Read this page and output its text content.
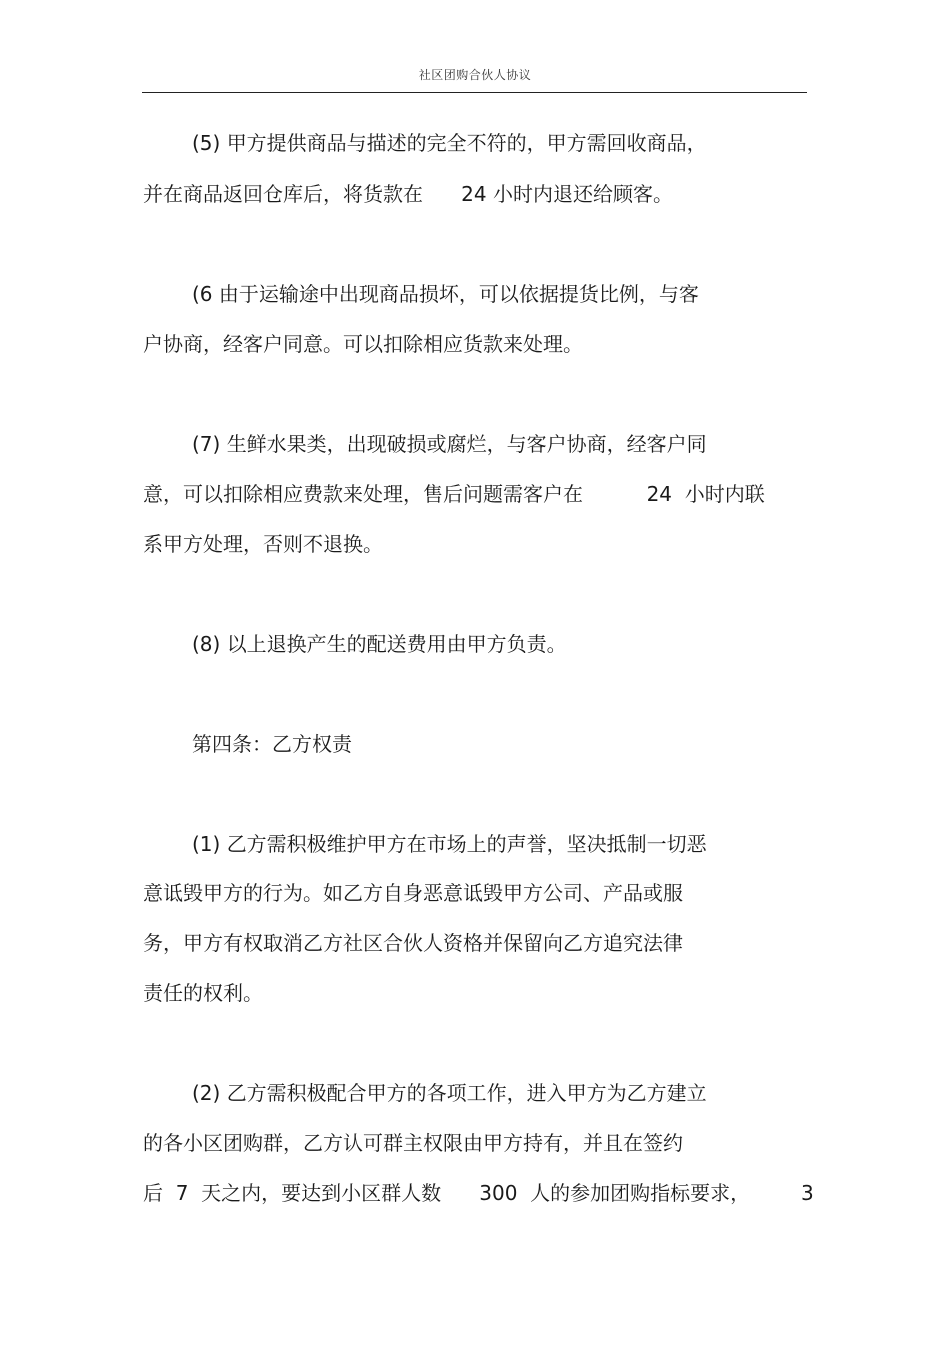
社区团购合伙人协议
(5) 甲方提供商品与描述的完全不符的，甲方需回收商品，
并在商品返回仓库后，将货款在      24 小时内退还给顾客。
(6 由于运输途中出现商品损坏，可以依据提货比例，与客
户协商，经客户同意。可以扣除相应货款来处理。
(7) 生鲜水果类，出现破损或腐烂，与客户协商，经客户同
意，可以扣除相应费款来处理，售后问题需客户在          24  小时内联
系甲方处理，否则不退换。
(8) 以上退换产生的配送费用由甲方负责。
第四条：乙方权责
(1) 乙方需积极维护甲方在市场上的声誉，坚决抵制一切恶
意诋毁甲方的行为。如乙方自身恶意诋毁甲方公司、产品或服
务，甲方有权取消乙方社区合伙人资格并保留向乙方追究法律
责任的权利。
(2) 乙方需积极配合甲方的各项工作，进入甲方为乙方建立
的各小区团购群，乙方认可群主权限由甲方持有，并且在签约
后  7  天之内，要达到小区群人数      300  人的参加团购指标要求，        3
